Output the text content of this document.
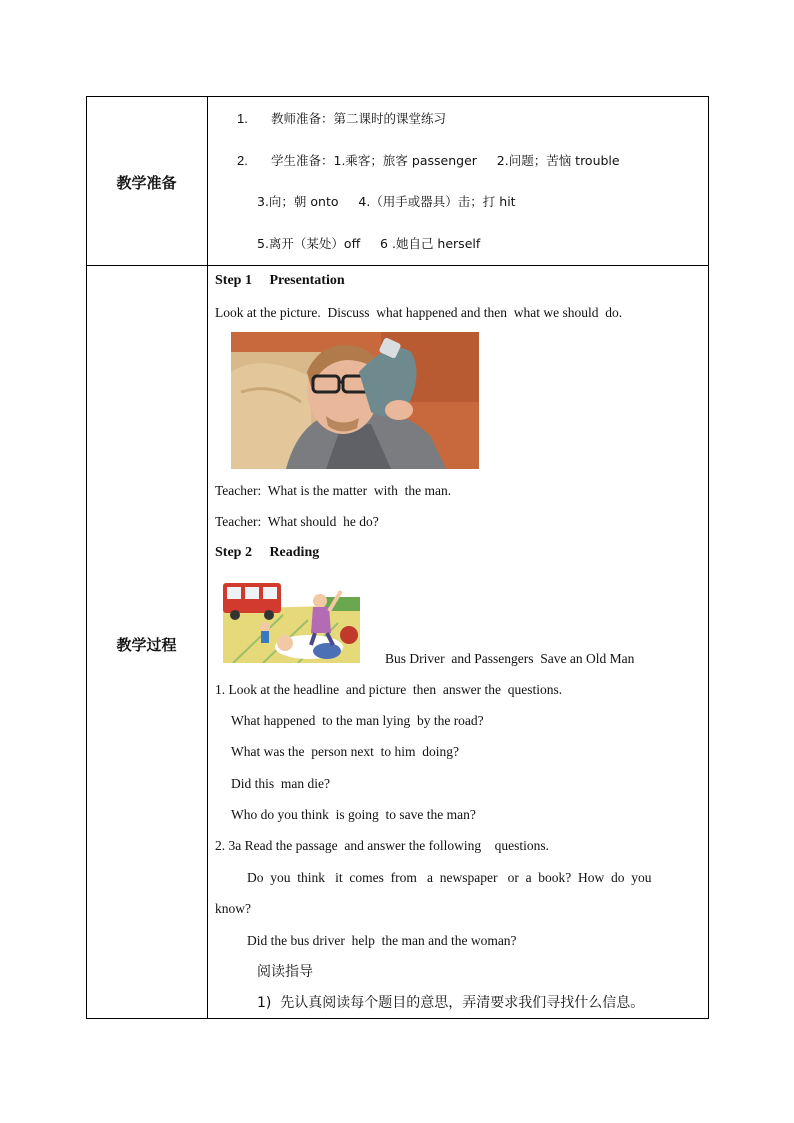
教学准备
1. 教师准备：第二课时的课堂练习
2. 学生准备：1.乘客；旅客 passenger     2.问题；苦恼 trouble
3.向；朝 onto     4.（用手或器具）击；打 hit
5.离开（某处）off     6 .她自己 herself
教学过程
Step 1     Presentation
Look at the picture.  Discuss  what happened and then  what we should  do.
Teacher:  What is the matter  with  the man.
Teacher:  What should  he do?
Step 2     Reading
Bus Driver  and Passengers  Save an Old Man
1. Look at the headline  and picture  then  answer the  questions.
What happened  to the man lying  by the road?
What was the  person next  to him  doing?
Did this  man die?
Who do you think  is going  to save the man?
2. 3a Read the passage  and answer the following    questions.
Do  you  think   it  comes  from   a  newspaper   or  a  book?  How  do  you
know?
Did the bus driver  help  the man and the woman?
阅读指导
1)  先认真阅读每个题目的意思，弄清要求我们寻找什么信息。
